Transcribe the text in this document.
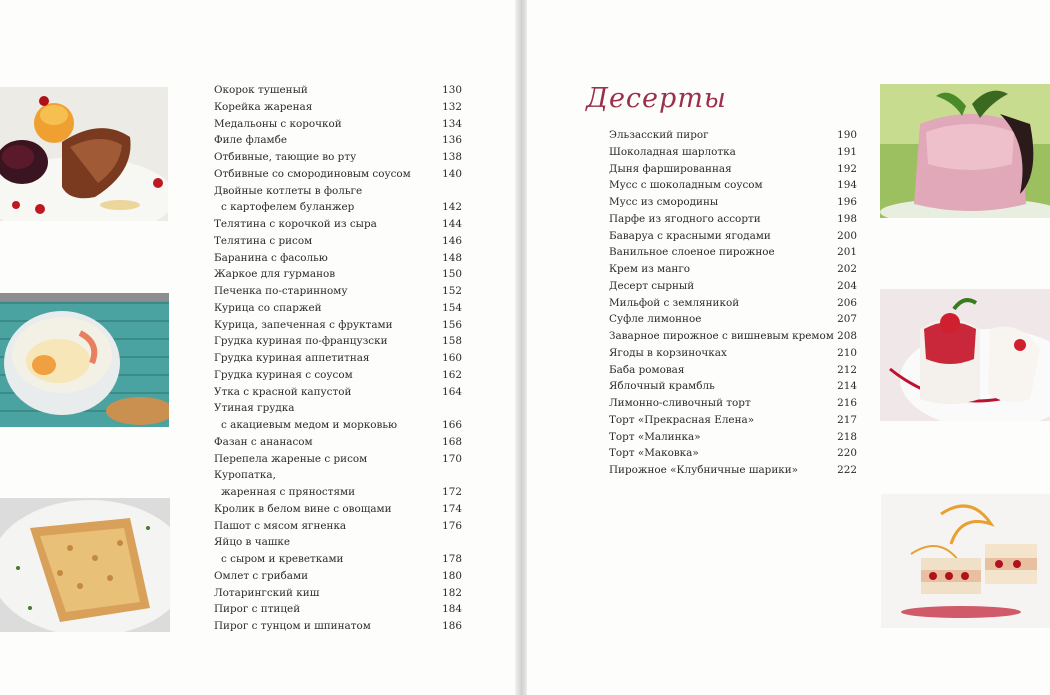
Окорок тушеный	130
Корейка жареная	132
Медальоны с корочкой	134
Филе фламбе	136
Отбивные, тающие во рту	138
Отбивные со смородиновым соусом	140
Двойные котлеты в фольге
с картофелем буланжер	142
Телятина с корочкой из сыра	144
Телятина с рисом	146
Баранина с фасолью	148
Жаркое для гурманов	150
Печенка по-старинному	152
Курица со спаржей	154
Курица, запеченная с фруктами	156
Грудка куриная по-французски	158
Грудка куриная аппетитная	160
Грудка куриная с соусом	162
Утка с красной капустой	164
Утиная грудка
с акациевым медом и морковью	166
Фазан с ананасом	168
Перепела жареные с рисом	170
Куропатка,
жаренная с пряностями	172
Кролик в белом вине с овощами	174
Пашот с мясом ягненка	176
Яйцо в чашке
с сыром и креветками	178
Омлет с грибами	180
Лотарингский киш	182
Пирог с птицей	184
Пирог с тунцом и шпинатом	186
Десерты
Эльзасский пирог	190
Шоколадная шарлотка	191
Дыня фаршированная	192
Мусс с шоколадным соусом	194
Мусс из смородины	196
Парфе из ягодного ассорти	198
Баваруа с красными ягодами	200
Ванильное слоеное пирожное	201
Крем из манго	202
Десерт сырный	204
Мильфой с земляникой	206
Суфле лимонное	207
Заварное пирожное с вишневым кремом 208
Ягоды в корзиночках	210
Баба ромовая	212
Яблочный крамбль	214
Лимонно-сливочный торт	216
Торт «Прекрасная Елена»	217
Торт «Малинка»	218
Торт «Маковка»	220
Пирожное «Клубничные шарики»	222
